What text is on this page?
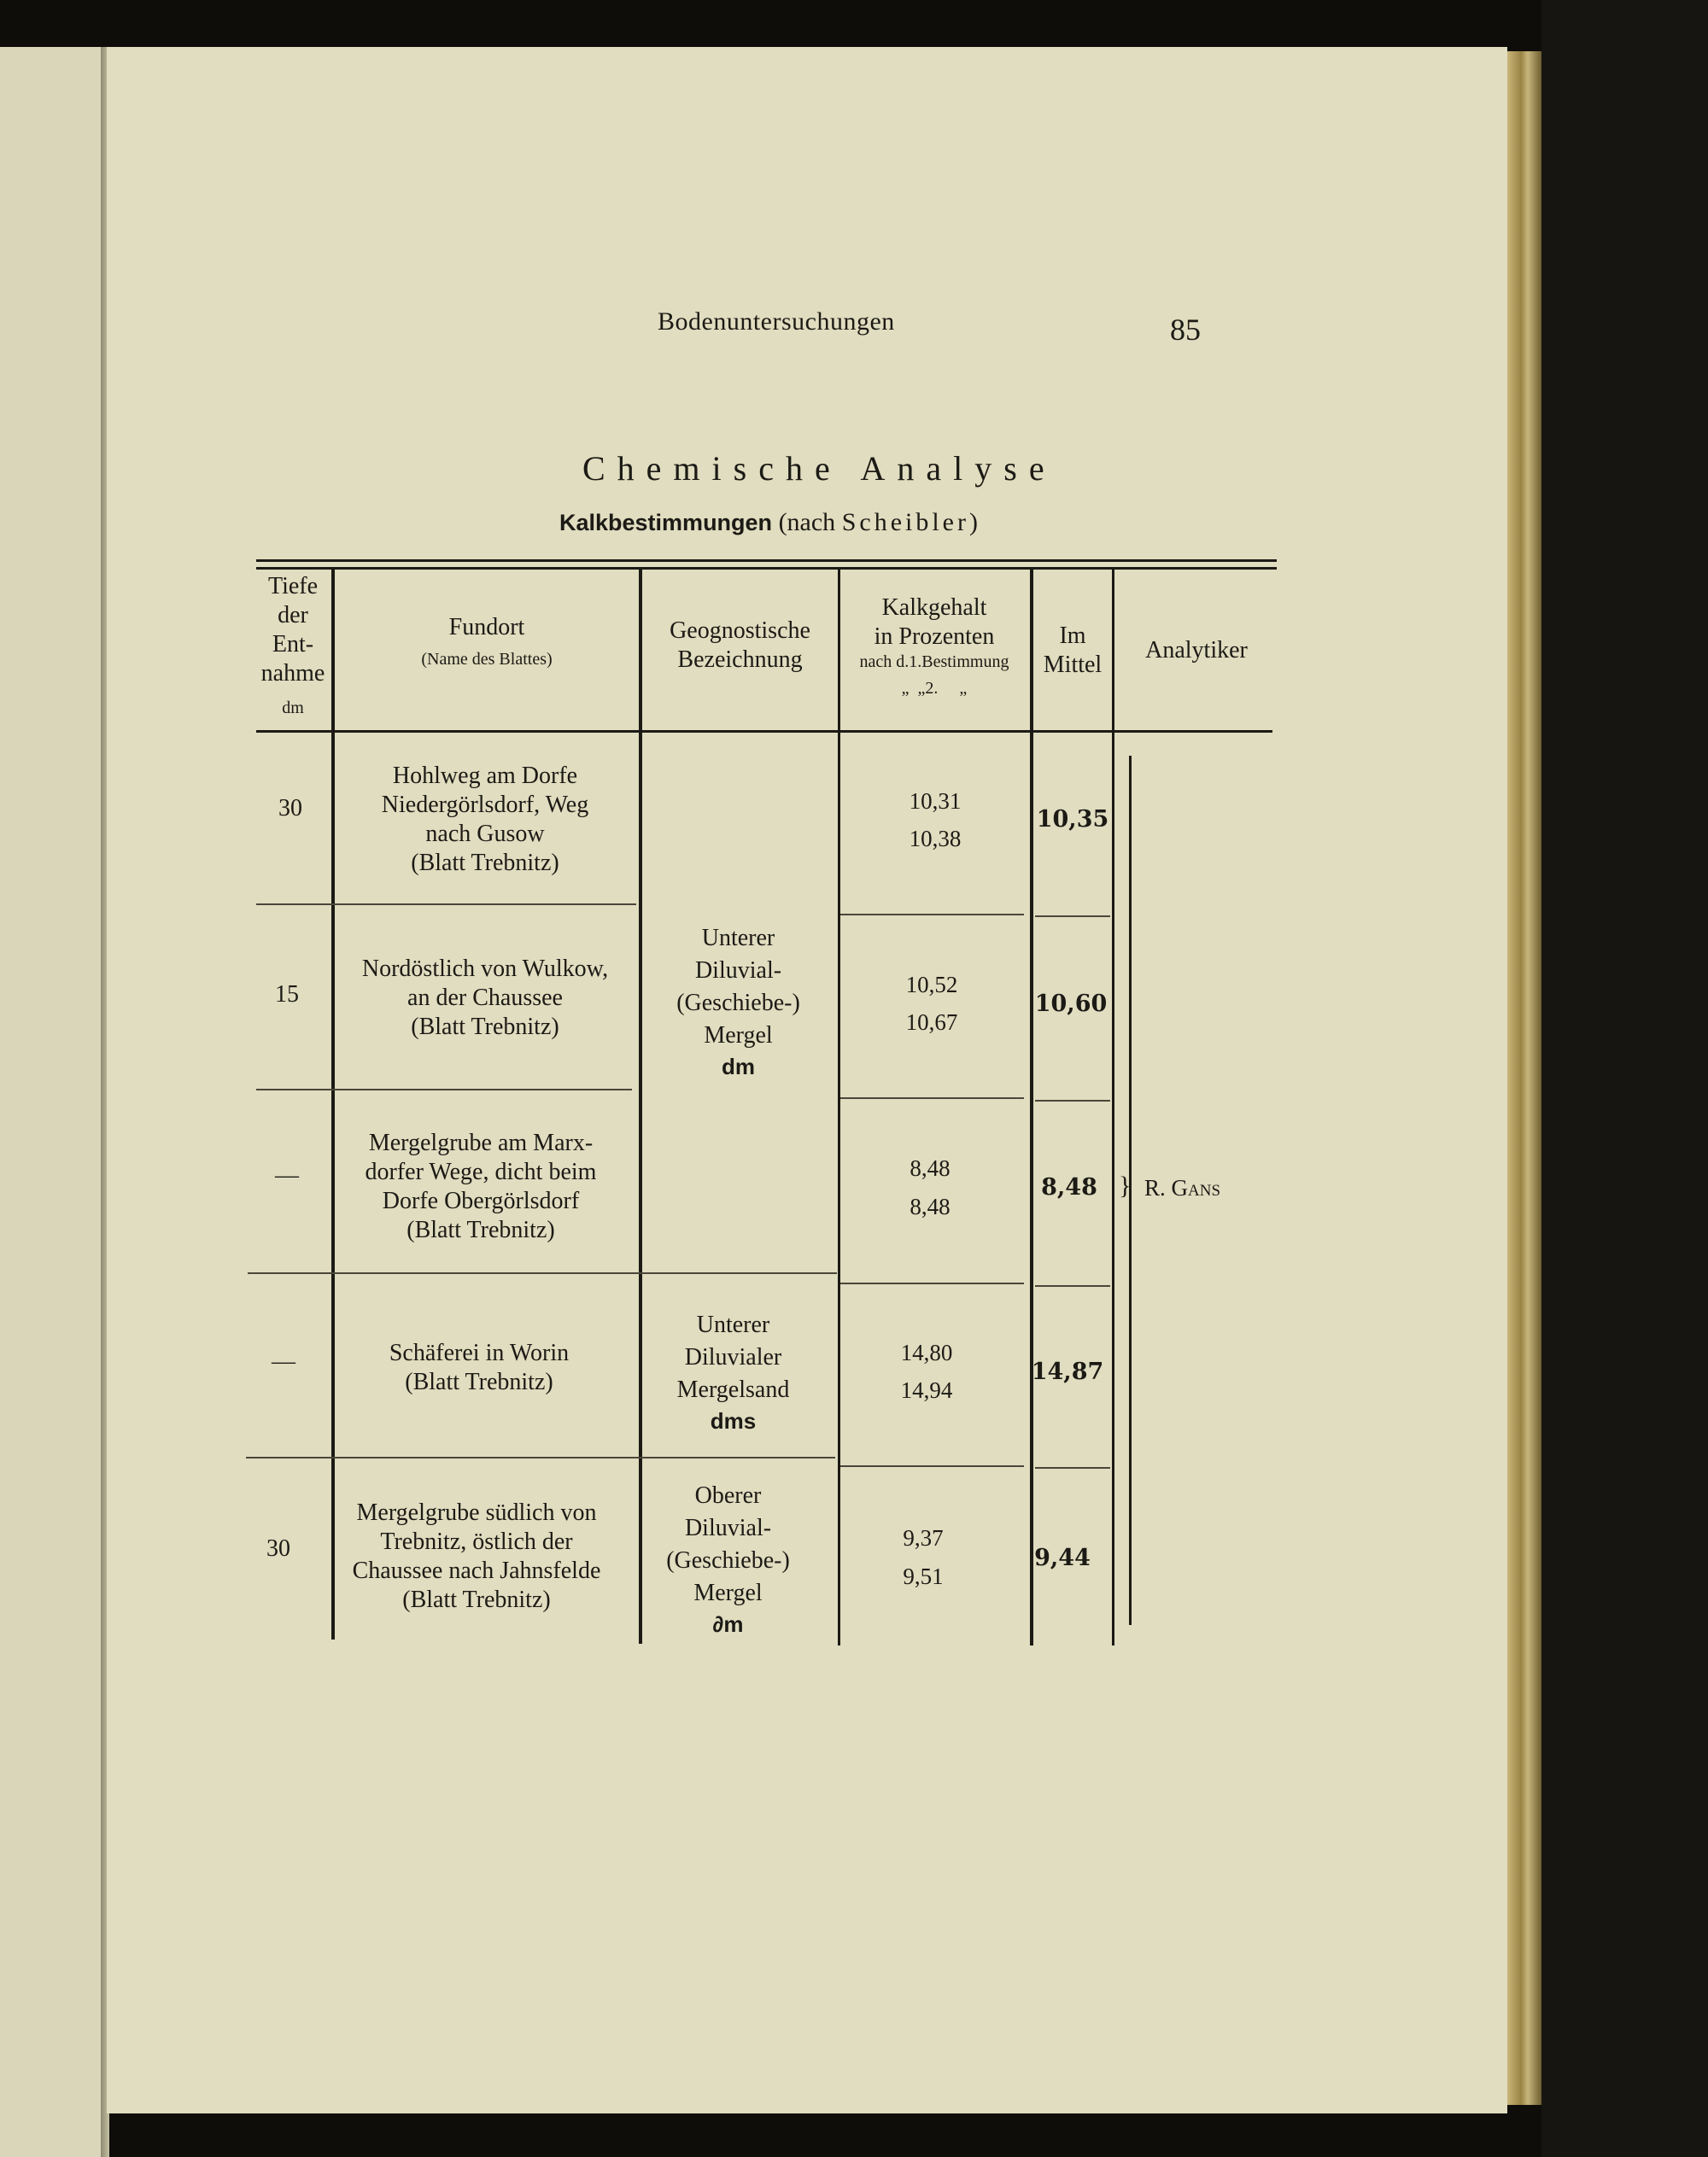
Bodenuntersuchungen	85
Chemische Analyse
Kalkbestimmungen (nach Scheibler)
Tiefe
der
Ent-
nahme
dm
Fundort
(Name des Blattes)
Geognostische
Bezeichnung
Kalkgehalt
in Prozenten
nach d.1.Bestimmung
„  „2.     „
Im
Mittel
Analytiker
30
Hohlweg am Dorfe
Niedergörlsdorf, Weg
nach Gusow
(Blatt Trebnitz)
10,31
10,38
10,35
15
Nordöstlich von Wulkow,
an der Chaussee
(Blatt Trebnitz)
10,52
10,67
10,60
—
Mergelgrube am Marx-
dorfer Wege, dicht beim
Dorfe Obergörlsdorf
(Blatt Trebnitz)
8,48
8,48
8,48
—	Schäferei in Worin
(Blatt Trebnitz)
14,80
14,94
14,87
30
Mergelgrube südlich von
Trebnitz, östlich der
Chaussee nach Jahnsfelde
(Blatt Trebnitz)
9,37
9,51
9,44
Unterer
Diluvial-
(Geschiebe-)
Mergel
dm
Unterer
Diluvialer
Mergelsand
dms
Oberer
Diluvial-
(Geschiebe-)
Mergel
∂m
} R. Gans
